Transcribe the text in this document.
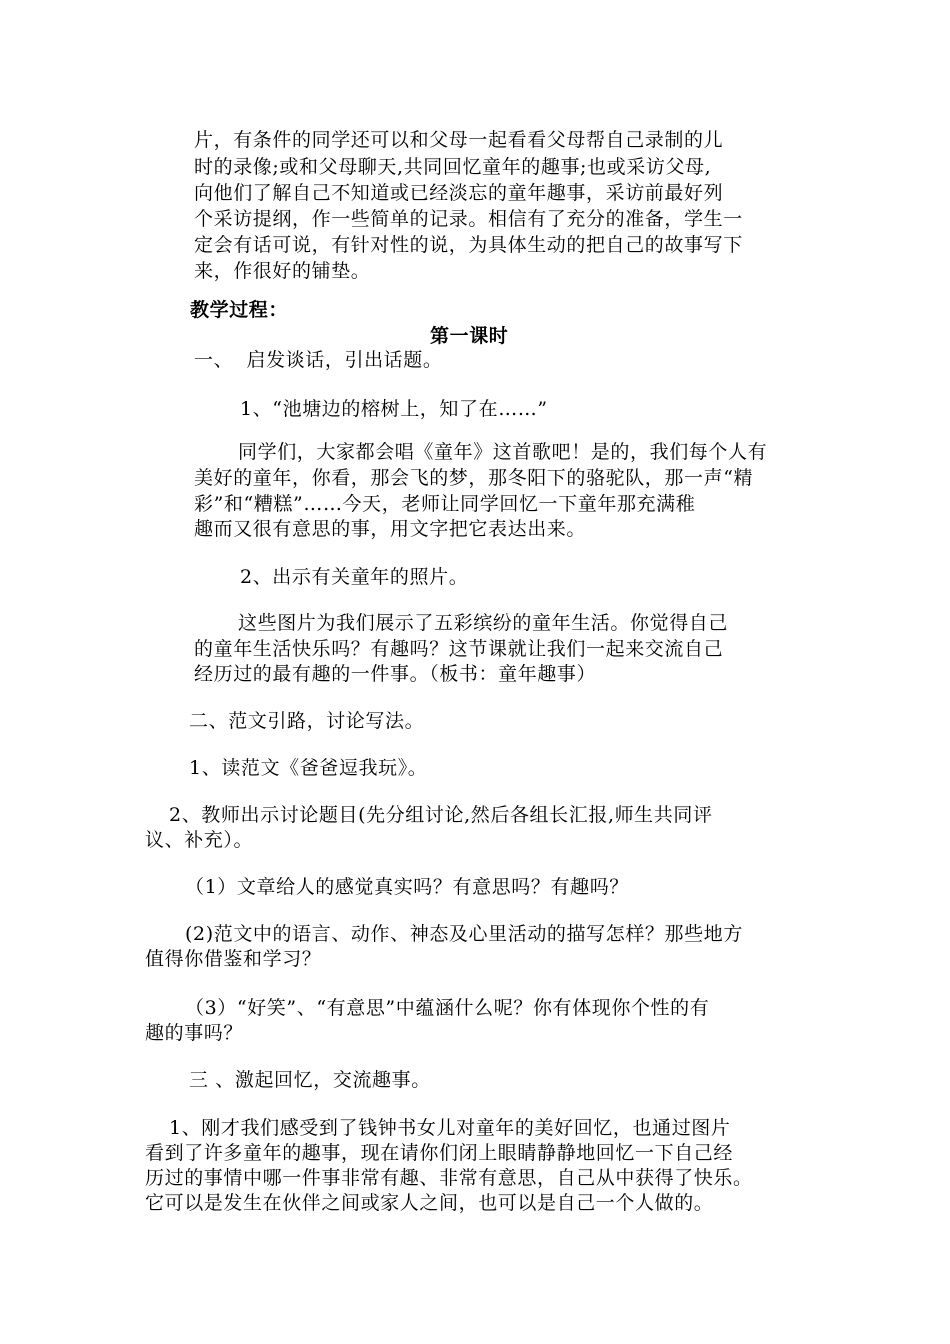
片，有条件的同学还可以和父母一起看看父母帮自己录制的儿

时的录像;或和父母聊天,共同回忆童年的趣事;也或采访父母,

向他们了解自己不知道或已经淡忘的童年趣事，采访前最好列

个采访提纲，作一些简单的记录。相信有了充分的准备，学生一

定会有话可说，有针对性的说，为具体生动的把自己的故事写下

来，作很好的铺垫。

教学过程：

第一课时

一、  启发谈话，引出话题。

1、“池塘边的榕树上，知了在……”

同学们，大家都会唱《童年》这首歌吧！是的，我们每个人有

美好的童年，你看，那会飞的梦，那冬阳下的骆驼队，那一声“精

彩”和“糟糕”……今天，老师让同学回忆一下童年那充满稚

趣而又很有意思的事，用文字把它表达出来。

2、出示有关童年的照片。

这些图片为我们展示了五彩缤纷的童年生活。你觉得自己

的童年生活快乐吗？有趣吗？这节课就让我们一起来交流自己

经历过的最有趣的一件事。（板书：童年趣事）

二、范文引路，讨论写法。

1、读范文《爸爸逗我玩》。

2、教师出示讨论题目(先分组讨论,然后各组长汇报,师生共同评

议、补充）。

（1）文章给人的感觉真实吗？有意思吗？有趣吗？

(2)范文中的语言、动作、神态及心里活动的描写怎样？那些地方

值得你借鉴和学习？

（3）“好笑”、“有意思”中蕴涵什么呢？你有体现你个性的有

趣的事吗？

三 、激起回忆，交流趣事。

1、刚才我们感受到了钱钟书女儿对童年的美好回忆，也通过图片

看到了许多童年的趣事，现在请你们闭上眼睛静静地回忆一下自己经

历过的事情中哪一件事非常有趣、非常有意思，自己从中获得了快乐。

它可以是发生在伙伴之间或家人之间，也可以是自己一个人做的。
